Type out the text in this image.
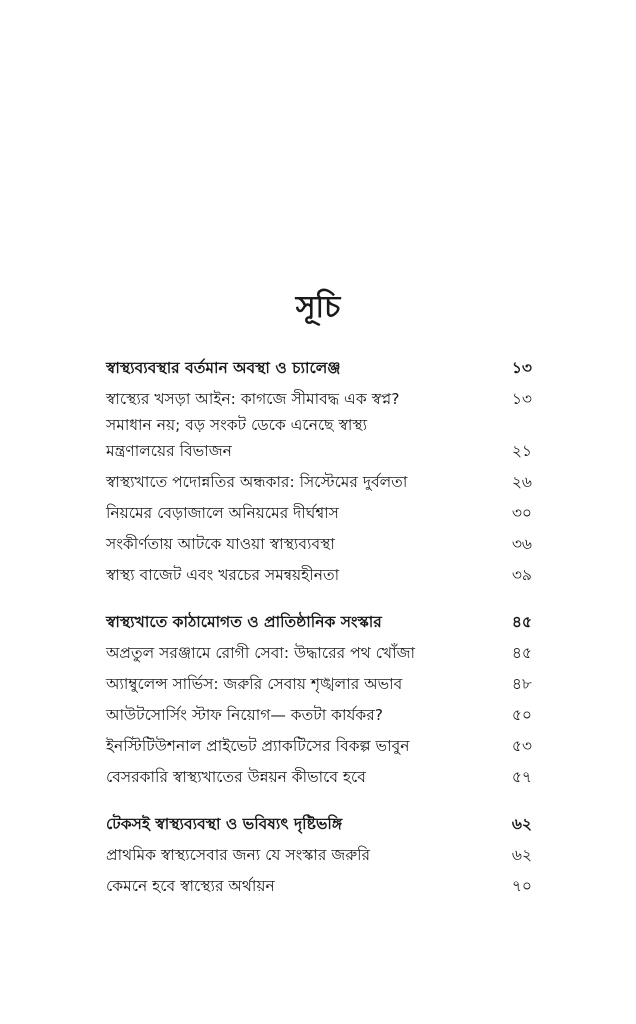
সূচি
স্বাস্থ্যব্যবস্থার বর্তমান অবস্থা ও চ্যালেঞ্জ	১৩
স্বাস্থ্যের খসড়া আইন: কাগজে সীমাবদ্ধ এক স্বপ্ন?	১৩
সমাধান নয়; বড় সংকট ডেকে এনেছে স্বাস্থ্য
মন্ত্রণালয়ের বিভাজন	২১
স্বাস্থ্যখাতে পদোন্নতির অন্ধকার: সিস্টেমের দুর্বলতা	২৬
নিয়মের বেড়াজালে অনিয়মের দীর্ঘশ্বাস	৩০
সংকীর্ণতায় আটকে যাওয়া স্বাস্থ্যব্যবস্থা	৩৬
স্বাস্থ্য বাজেট এবং খরচের সমন্বয়হীনতা	৩৯
স্বাস্থ্যখাতে কাঠামোগত ও প্রাতিষ্ঠানিক সংস্কার	৪৫
অপ্রতুল সরঞ্জামে রোগী সেবা: উদ্ধারের পথ খোঁজা	৪৫
অ্যাম্বুলেন্স সার্ভিস: জরুরি সেবায় শৃঙ্খলার অভাব	৪৮
আউটসোর্সিং স্টাফ নিয়োগ— কতটা কার্যকর?	৫০
ইনস্টিটিউশনাল প্রাইভেট প্র্যাকটিসের বিকল্প ভাবুন	৫৩
বেসরকারি স্বাস্থ্যখাতের উন্নয়ন কীভাবে হবে	৫৭
টেকসই স্বাস্থ্যব্যবস্থা ও ভবিষ্যৎ দৃষ্টিভঙ্গি	৬২
প্রাথমিক স্বাস্থ্যসেবার জন্য যে সংস্কার জরুরি	৬২
কেমনে হবে স্বাস্থ্যের অর্থায়ন	৭০
